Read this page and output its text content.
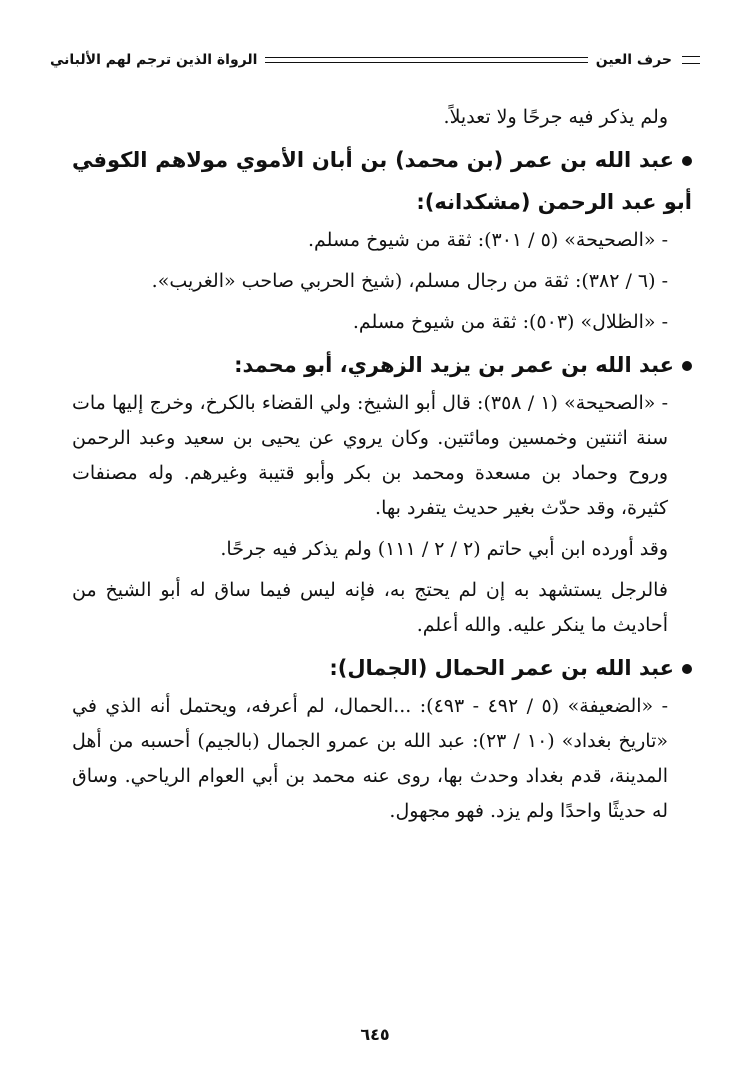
حرف العين
الرواة الذين ترجم لهم الألباني

ولم يذكر فيه جرحًا ولا تعديلاً.

عبد الله بن عمر (بن محمد) بن أبان الأموي مولاهم الكوفي أبو عبد الرحمن (مشكدانه):

- «الصحيحة» (٥ / ٣٠١): ثقة من شيوخ مسلم.

- (٦ / ٣٨٢): ثقة من رجال مسلم، (شيخ الحربي صاحب «الغريب».

- «الظلال» (٥٠٣): ثقة من شيوخ مسلم.

عبد الله بن عمر بن يزيد الزهري، أبو محمد:

- «الصحيحة» (١ / ٣٥٨): قال أبو الشيخ: ولي القضاء بالكرخ، وخرج إليها مات سنة اثنتين وخمسين ومائتين. وكان يروي عن يحيى بن سعيد وعبد الرحمن وروح وحماد بن مسعدة ومحمد بن بكر وأبو قتيبة وغيرهم. وله مصنفات كثيرة، وقد حدّث بغير حديث يتفرد بها.

وقد أورده ابن أبي حاتم (٢ / ٢ / ١١١) ولم يذكر فيه جرحًا.

فالرجل يستشهد به إن لم يحتج به، فإنه ليس فيما ساق له أبو الشيخ من أحاديث ما ينكر عليه. والله أعلم.

عبد الله بن عمر الحمال (الجمال):

- «الضعيفة» (٥ / ٤٩٢ - ٤٩٣): ...الحمال، لم أعرفه، ويحتمل أنه الذي في «تاريخ بغداد» (١٠ / ٢٣): عبد الله بن عمرو الجمال (بالجيم) أحسبه من أهل المدينة، قدم بغداد وحدث بها، روى عنه محمد بن أبي العوام الرياحي. وساق له حديثًا واحدًا ولم يزد. فهو مجهول.

٦٤٥
